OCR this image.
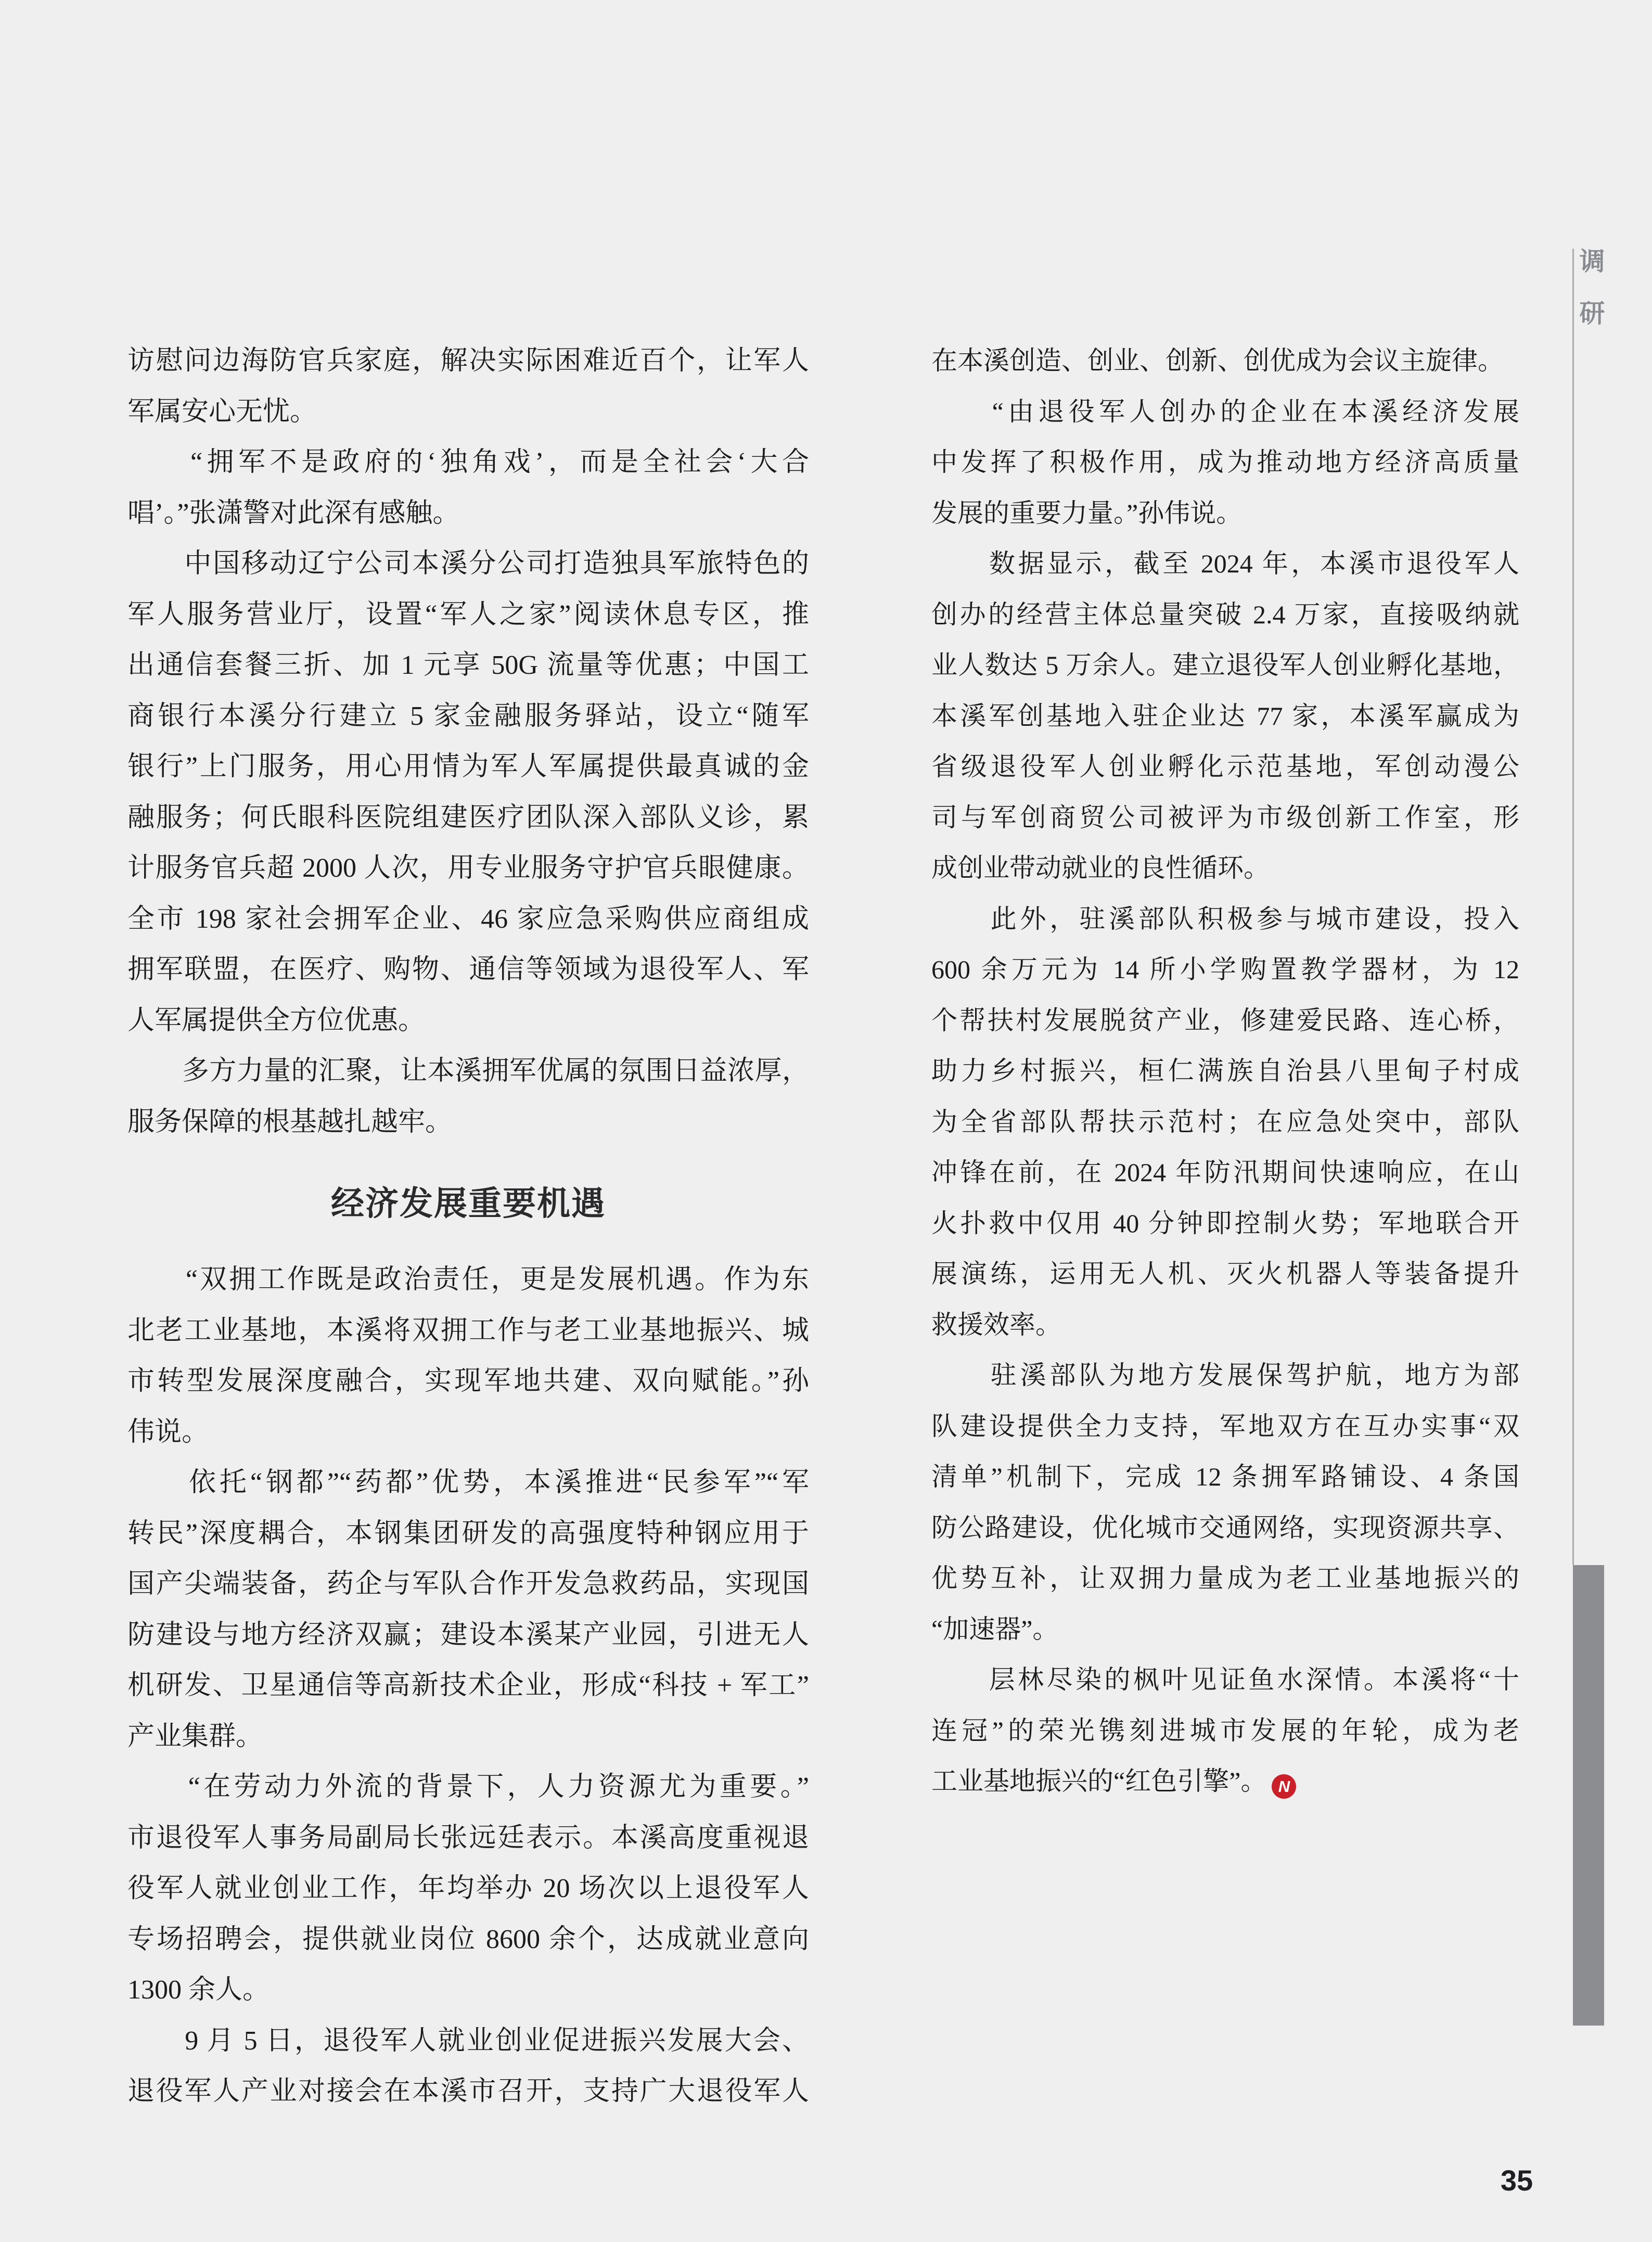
访慰问边海防官兵家庭，解决实际困难近百个，让军人
军属安心无忧。
　　“拥军不是政府的‘独角戏’，而是全社会‘大合
唱’。”张潇警对此深有感触。
　　中国移动辽宁公司本溪分公司打造独具军旅特色的
军人服务营业厅，设置“军人之家”阅读休息专区，推
出通信套餐三折、加 1 元享 50G 流量等优惠；中国工
商银行本溪分行建立 5 家金融服务驿站，设立“随军
银行”上门服务，用心用情为军人军属提供最真诚的金
融服务；何氏眼科医院组建医疗团队深入部队义诊，累
计服务官兵超 2000 人次，用专业服务守护官兵眼健康。
全市 198 家社会拥军企业、46 家应急采购供应商组成
拥军联盟，在医疗、购物、通信等领域为退役军人、军
人军属提供全方位优惠。
　　多方力量的汇聚，让本溪拥军优属的氛围日益浓厚，
服务保障的根基越扎越牢。
经济发展重要机遇
　　“双拥工作既是政治责任，更是发展机遇。作为东
北老工业基地，本溪将双拥工作与老工业基地振兴、城
市转型发展深度融合，实现军地共建、双向赋能。”孙
伟说。
　　依托“钢都”“药都”优势，本溪推进“民参军”“军
转民”深度耦合，本钢集团研发的高强度特种钢应用于
国产尖端装备，药企与军队合作开发急救药品，实现国
防建设与地方经济双赢；建设本溪某产业园，引进无人
机研发、卫星通信等高新技术企业，形成“科技 + 军工”
产业集群。
　　“在劳动力外流的背景下，人力资源尤为重要。”
市退役军人事务局副局长张远廷表示。本溪高度重视退
役军人就业创业工作，年均举办 20 场次以上退役军人
专场招聘会，提供就业岗位 8600 余个，达成就业意向
1300 余人。
　　9 月 5 日，退役军人就业创业促进振兴发展大会、
退役军人产业对接会在本溪市召开，支持广大退役军人
在本溪创造、创业、创新、创优成为会议主旋律。
　　“由退役军人创办的企业在本溪经济发展
中发挥了积极作用，成为推动地方经济高质量
发展的重要力量。”孙伟说。
　　数据显示，截至 2024 年，本溪市退役军人
创办的经营主体总量突破 2.4 万家，直接吸纳就
业人数达 5 万余人。建立退役军人创业孵化基地，
本溪军创基地入驻企业达 77 家，本溪军赢成为
省级退役军人创业孵化示范基地，军创动漫公
司与军创商贸公司被评为市级创新工作室，形
成创业带动就业的良性循环。
　　此外，驻溪部队积极参与城市建设，投入
600 余万元为 14 所小学购置教学器材，为 12
个帮扶村发展脱贫产业，修建爱民路、连心桥，
助力乡村振兴，桓仁满族自治县八里甸子村成
为全省部队帮扶示范村；在应急处突中，部队
冲锋在前，在 2024 年防汛期间快速响应，在山
火扑救中仅用 40 分钟即控制火势；军地联合开
展演练，运用无人机、灭火机器人等装备提升
救援效率。
　　驻溪部队为地方发展保驾护航，地方为部
队建设提供全力支持，军地双方在互办实事“双
清单”机制下，完成 12 条拥军路铺设、4 条国
防公路建设，优化城市交通网络，实现资源共享、
优势互补，让双拥力量成为老工业基地振兴的
“加速器”。
　　层林尽染的枫叶见证鱼水深情。本溪将“十
连冠”的荣光镌刻进城市发展的年轮，成为老
工业基地振兴的“红色引擎”。 N
调
研
35
